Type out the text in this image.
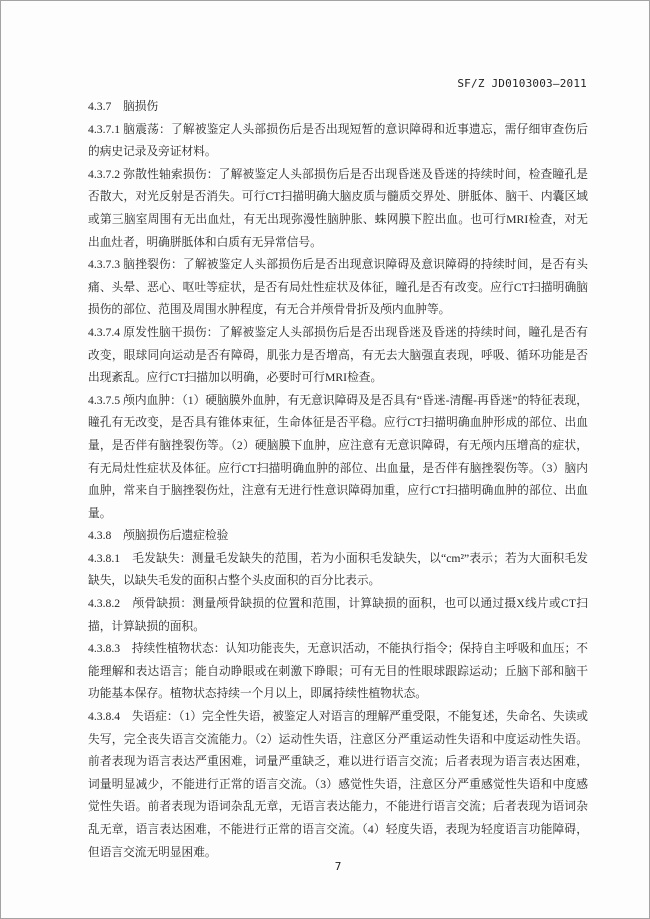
SF/Z JD0103003—2011

4.3.7　脑损伤

4.3.7.1 脑震荡：了解被鉴定人头部损伤后是否出现短暂的意识障碍和近事遗忘，需仔细审查伤后的病史记录及旁证材料。

4.3.7.2 弥散性轴索损伤：了解被鉴定人头部损伤后是否出现昏迷及昏迷的持续时间，检查瞳孔是否散大，对光反射是否消失。可行CT扫描明确大脑皮质与髓质交界处、胼胝体、脑干、内囊区域或第三脑室周围有无出血灶，有无出现弥漫性脑肿胀、蛛网膜下腔出血。也可行MRI检查，对无出血灶者，明确胼胝体和白质有无异常信号。

4.3.7.3 脑挫裂伤：了解被鉴定人头部损伤后是否出现意识障碍及意识障碍的持续时间，是否有头痛、头晕、恶心、呕吐等症状，是否有局灶性症状及体征，瞳孔是否有改变。应行CT扫描明确脑损伤的部位、范围及周围水肿程度，有无合并颅骨骨折及颅内血肿等。

4.3.7.4 原发性脑干损伤：了解被鉴定人头部损伤后是否出现昏迷及昏迷的持续时间，瞳孔是否有改变，眼球同向运动是否有障碍，肌张力是否增高，有无去大脑强直表现，呼吸、循环功能是否出现紊乱。应行CT扫描加以明确，必要时可行MRI检查。

4.3.7.5 颅内血肿：（1）硬脑膜外血肿，有无意识障碍及是否具有“昏迷-清醒-再昏迷”的特征表现，瞳孔有无改变，是否具有锥体束征，生命体征是否平稳。应行CT扫描明确血肿形成的部位、出血量，是否伴有脑挫裂伤等。（2）硬脑膜下血肿，应注意有无意识障碍，有无颅内压增高的症状，有无局灶性症状及体征。应行CT扫描明确血肿的部位、出血量，是否伴有脑挫裂伤等。（3）脑内血肿，常来自于脑挫裂伤灶，注意有无进行性意识障碍加重，应行CT扫描明确血肿的部位、出血量。

4.3.8　颅脑损伤后遗症检验

4.3.8.1　毛发缺失：测量毛发缺失的范围，若为小面积毛发缺失，以“cm²”表示；若为大面积毛发缺失，以缺失毛发的面积占整个头皮面积的百分比表示。

4.3.8.2　颅骨缺损：测量颅骨缺损的位置和范围，计算缺损的面积，也可以通过摄X线片或CT扫描，计算缺损的面积。

4.3.8.3　持续性植物状态：认知功能丧失，无意识活动，不能执行指令；保持自主呼吸和血压；不能理解和表达语言；能自动睁眼或在刺激下睁眼；可有无目的性眼球跟踪运动；丘脑下部和脑干功能基本保存。植物状态持续一个月以上，即属持续性植物状态。

4.3.8.4　失语症：（1）完全性失语，被鉴定人对语言的理解严重受限，不能复述，失命名、失读或失写，完全丧失语言交流能力。（2）运动性失语，注意区分严重运动性失语和中度运动性失语。前者表现为语言表达严重困难，词量严重缺乏，难以进行语言交流；后者表现为语言表达困难，词量明显减少，不能进行正常的语言交流。（3）感觉性失语，注意区分严重感觉性失语和中度感觉性失语。前者表现为语词杂乱无章，无语言表达能力，不能进行语言交流；后者表现为语词杂乱无章，语言表达困难，不能进行正常的语言交流。（4）轻度失语，表现为轻度语言功能障碍，但语言交流无明显困难。

7
